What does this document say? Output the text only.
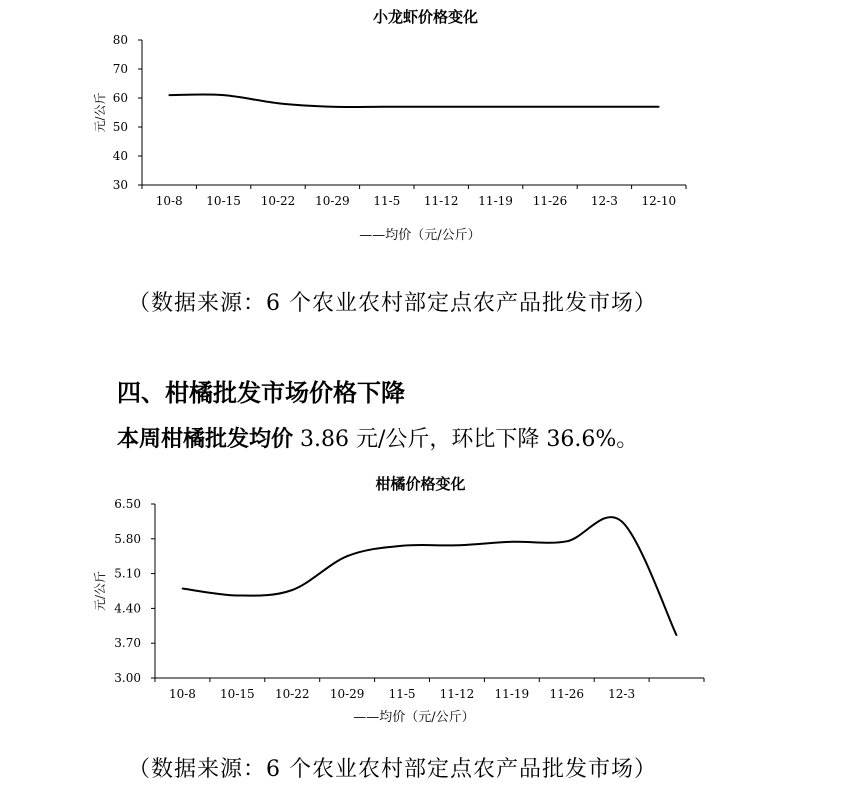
小龙虾价格变化
80
70
60
50
40
30
10-8 10-15 10-22 10-29 11-5 11-12 11-19 11-26 12-3 12-10
元/公斤
——均价（元/公斤）
（数据来源：6 个农业农村部定点农产品批发市场）
四、柑橘批发市场价格下降
本周柑橘批发均价 3.86 元/公斤，环比下降 36.6%。
柑橘价格变化
6.50
5.80
5.10
4.40
3.70
3.00
10-8 10-15 10-22 10-29 11-5 11-12 11-19 11-26 12-3
元/公斤
——均价（元/公斤）
（数据来源：6 个农业农村部定点农产品批发市场）
